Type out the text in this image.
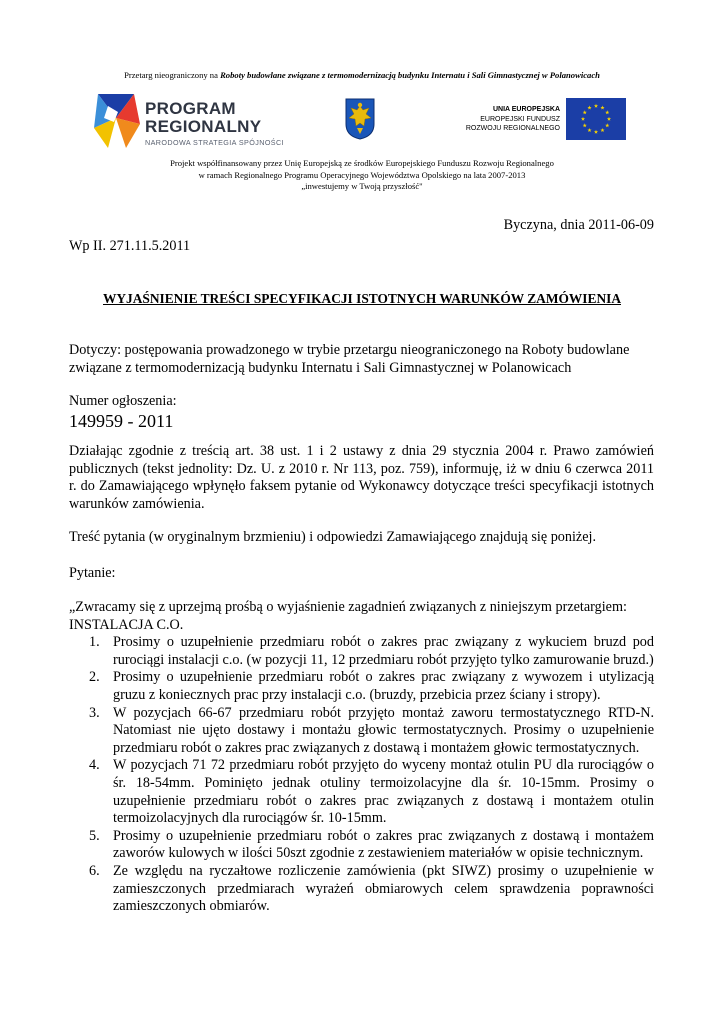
Przetarg nieograniczony na Roboty budowlane związane z termomodernizacją budynku Internatu i Sali Gimnastycznej w Polanowicach
PROGRAM
REGIONALNY
NARODOWA STRATEGIA SPÓJNOŚCI
UNIA EUROPEJSKA
EUROPEJSKI FUNDUSZ
ROZWOJU REGIONALNEGO
Projekt współfinansowany przez Unię Europejską ze środków Europejskiego Funduszu Rozwoju Regionalnego
w ramach Regionalnego Programu Operacyjnego Województwa Opolskiego na lata 2007-2013
„inwestujemy w Twoją przyszłość"
Byczyna, dnia 2011-06-09
Wp II. 271.11.5.2011
WYJAŚNIENIE TREŚCI SPECYFIKACJI ISTOTNYCH WARUNKÓW ZAMÓWIENIA
Dotyczy: postępowania prowadzonego w trybie przetargu nieograniczonego na Roboty budowlane
związane z termomodernizacją budynku Internatu i Sali Gimnastycznej w Polanowicach
Numer ogłoszenia:
149959 - 2011
Działając zgodnie z treścią art. 38 ust. 1 i 2 ustawy z dnia 29 stycznia 2004 r. Prawo zamówień publicznych (tekst jednolity: Dz. U. z 2010 r. Nr 113, poz. 759), informuję, iż w dniu 6 czerwca 2011 r. do Zamawiającego wpłynęło faksem pytanie od Wykonawcy dotyczące treści specyfikacji istotnych warunków zamówienia.
Treść pytania (w oryginalnym brzmieniu) i odpowiedzi Zamawiającego znajdują się poniżej.
Pytanie:
„Zwracamy się z uprzejmą prośbą o wyjaśnienie zagadnień związanych z niniejszym przetargiem:
INSTALACJA C.O.
1. Prosimy o uzupełnienie przedmiaru robót o zakres prac związany z wykuciem bruzd pod rurociągi instalacji c.o. (w pozycji 11, 12 przedmiaru robót przyjęto tylko zamurowanie bruzd.)
2. Prosimy o uzupełnienie przedmiaru robót o zakres prac związany z wywozem i utylizacją gruzu z koniecznych prac przy instalacji c.o. (bruzdy, przebicia przez ściany i stropy).
3. W pozycjach 66-67 przedmiaru robót przyjęto montaż zaworu termostatycznego RTD-N. Natomiast nie ujęto dostawy i montażu głowic termostatycznych. Prosimy o uzupełnienie przedmiaru robót o zakres prac związanych z dostawą i montażem głowic termostatycznych.
4. W pozycjach 71 72 przedmiaru robót przyjęto do wyceny montaż otulin PU dla rurociągów o śr. 18-54mm. Pominięto jednak otuliny termoizolacyjne dla śr. 10-15mm. Prosimy o uzupełnienie przedmiaru robót o zakres prac związanych z dostawą i montażem otulin termoizolacyjnych dla rurociągów śr. 10-15mm.
5. Prosimy o uzupełnienie przedmiaru robót o zakres prac związanych z dostawą i montażem zaworów kulowych w ilości 50szt zgodnie z zestawieniem materiałów w opisie technicznym.
6. Ze względu na ryczałtowe rozliczenie zamówienia (pkt SIWZ) prosimy o uzupełnienie w zamieszczonych przedmiarach wyrażeń obmiarowych celem sprawdzenia poprawności zamieszczonych obmiarów.
